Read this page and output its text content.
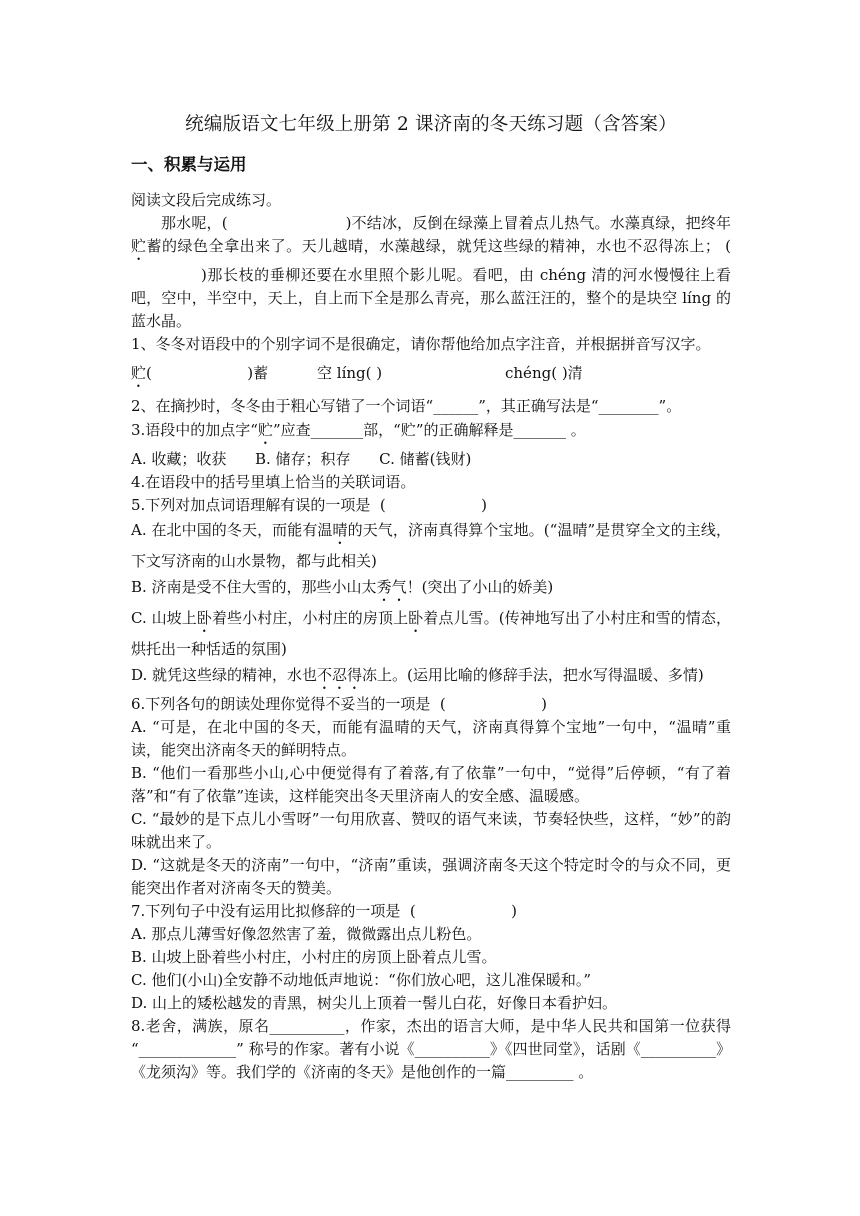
统编版语文七年级上册第 2 课济南的冬天练习题（含答案）
一、积累与运用

阅读文段后完成练习。

那水呢，(	)不结冰，反倒在绿藻上冒着点儿热气。水藻真绿，把终年贮蓄的绿色全拿出来了。天儿越晴，水藻越绿，就凭这些绿的精神，水也不忍得冻上； ()那长枝的垂柳还要在水里照个影儿呢。看吧，由 chéng 清的河水慢慢往上看吧，空中，半空中，天上，自上而下全是那么青亮，那么蓝汪汪的，整个的是块空 líng 的蓝水晶。

1、冬冬对语段中的个别字词不是很确定，请你帮他给加点字注音，并根据拼音写汉字。

贮(                    )蓄	空 líng( )	chéng( )清

2、在摘抄时，冬冬由于粗心写错了一个词语“______”，其正确写法是“________”。

3.语段中的加点字“贮”应查_______部，“贮”的正确解释是_______ 。

A. 收藏；收获      B. 储存；积存      C. 储蓄(钱财)

4.在语段中的括号里填上恰当的关联词语。

5.下列对加点词语理解有误的一项是  (                    )

A. 在北中国的冬天，而能有温晴的天气，济南真得算个宝地。(“温晴”是贯穿全文的主线，下文写济南的山水景物，都与此相关)

B. 济南是受不住大雪的，那些小山太秀气！(突出了小山的娇美)

C. 山坡上卧着些小村庄，小村庄的房顶上卧着点儿雪。(传神地写出了小村庄和雪的情态，烘托出一种恬适的氛围)

D. 就凭这些绿的精神，水也不忍得冻上。(运用比喻的修辞手法，把水写得温暖、多情)

6.下列各句的朗读处理你觉得不妥当的一项是  (                    )

A. “可是，在北中国的冬天，而能有温晴的天气，济南真得算个宝地”一句中，“温晴”重读，能突出济南冬天的鲜明特点。

B. “他们一看那些小山,心中便觉得有了着落,有了依靠”一句中，“觉得”后停顿，“有了着落”和“有了依靠”连读，这样能突出冬天里济南人的安全感、温暖感。

C. “最妙的是下点儿小雪呀”一句用欣喜、赞叹的语气来读，节奏轻快些，这样，“妙”的韵味就出来了。

D. “这就是冬天的济南”一句中，“济南”重读，强调济南冬天这个特定时令的与众不同，更能突出作者对济南冬天的赞美。

7.下列句子中没有运用比拟修辞的一项是  (                    )

A. 那点儿薄雪好像忽然害了羞，微微露出点儿粉色。

B. 山坡上卧着些小村庄，小村庄的房顶上卧着点儿雪。

C. 他们(小山)全安静不动地低声地说：“你们放心吧，这儿准保暖和。”

D. 山上的矮松越发的青黑，树尖儿上顶着一髻儿白花，好像日本看护妇。

8.老舍，满族，原名__________，作家，杰出的语言大师，是中华人民共和国第一位获得 “_____________” 称号的作家。著有小说《__________》《四世同堂》，话剧《__________》《龙须沟》等。我们学的《济南的冬天》是他创作的一篇_________ 。
